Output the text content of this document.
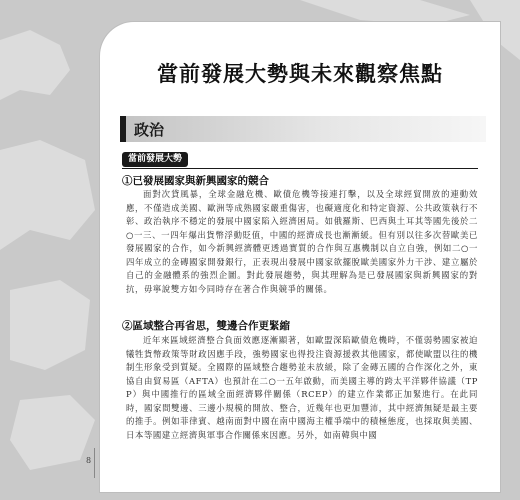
當前發展大勢與未來觀察焦點
政治
當前發展大勢
①已發展國家與新興國家的競合

面對次貸風暴，全球金融危機、歐債危機等接連打擊，以及全球經貿開放的連動效應，不僅造成美國、歐洲等成熟國家嚴重傷害，也礙適度化和特定資源、公共政策執行不彰、政治執序不穩定的發展中國家陷入經濟困局。如俄羅斯、巴西與土耳其等國先後於二○一三、一四年爆出貨幣浮動貶值，中國的經濟成長也漸漸緩。但有別以往多次替歐美已發展國家的合作，如今新興經濟體更透過實質的合作與互惠機制以自立自強，例如二○一四年成立的金磚國家開發銀行，正表現出發展中國家欲擺脫歐美國家外力干涉、建立屬於自己的金融體系的強烈企圖。對此發展趨勢，與其理解為是已發展國家與新興國家的對抗，毋寧說雙方如今同時存在著合作與競爭的關係。

②區域整合再省思，雙邊合作更緊縮

近年來區域經濟整合負面效應逐漸顯著，如歐盟深陷歐債危機時，不僅弱勢國家被迫犧牲貨幣政策等財政因應手段，強勢國家也得投注資源援救其他國家，都使歐盟以往的機制生形象受到質疑。全國際的區域整合趨勢並未放緩，除了金磚五國的合作深化之外，東協自由貿易區（AFTA）也預計在二○一五年啟動，而美國主導的跨太平洋夥伴協議（TPP）與中國推行的區域全面經濟夥伴關係（RCEP）的建立作業都正加緊進行。在此同時，國家間雙邊、三邊小規模的開放、整合，近幾年也更加豐沛，其中經濟無疑是最主要的推手。例如菲律賓、越南面對中國在南中國海主權爭端中的積極態度，也採取與美國、日本等國建立經濟與軍事合作關係來因應。另外，如南韓與中國

8
